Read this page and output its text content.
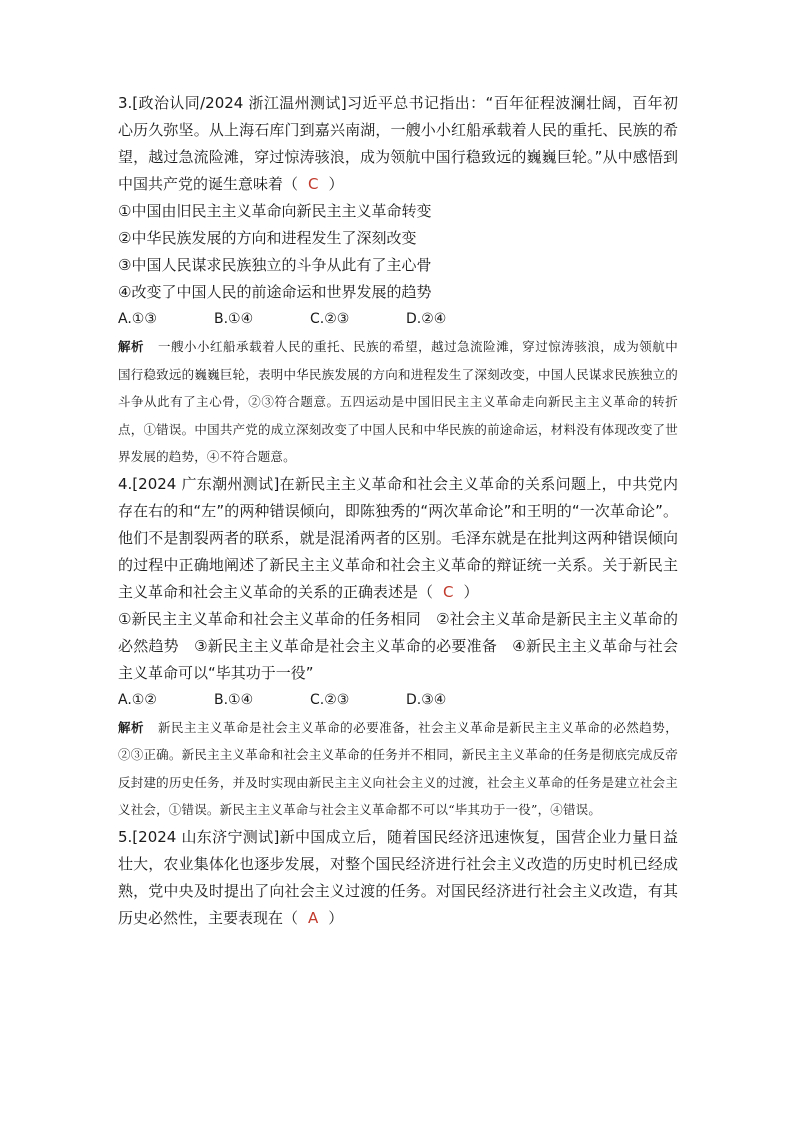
3.[政治认同/2024 浙江温州测试]习近平总书记指出：“百年征程波澜壮阔，百年初心历久弥坚。从上海石库门到嘉兴南湖，一艘小小红船承载着人民的重托、民族的希望，越过急流险滩，穿过惊涛骇浪，成为领航中国行稳致远的巍巍巨轮。”从中感悟到中国共产党的诞生意味着（ C ）

①中国由旧民主主义革命向新民主主义革命转变

②中华民族发展的方向和进程发生了深刻改变

③中国人民谋求民族独立的斗争从此有了主心骨

④改变了中国人民的前途命运和世界发展的趋势

A.①③	B.①④	C.②③	D.②④

解析 一艘小小红船承载着人民的重托、民族的希望，越过急流险滩，穿过惊涛骇浪，成为领航中国行稳致远的巍巍巨轮，表明中华民族发展的方向和进程发生了深刻改变，中国人民谋求民族独立的斗争从此有了主心骨，②③符合题意。五四运动是中国旧民主主义革命走向新民主主义革命的转折点，①错误。中国共产党的成立深刻改变了中国人民和中华民族的前途命运，材料没有体现改变了世界发展的趋势，④不符合题意。

4.[2024 广东潮州测试]在新民主主义革命和社会主义革命的关系问题上，中共党内存在右的和“左”的两种错误倾向，即陈独秀的“两次革命论”和王明的“一次革命论”。他们不是割裂两者的联系，就是混淆两者的区别。毛泽东就是在批判这两种错误倾向的过程中正确地阐述了新民主主义革命和社会主义革命的辩证统一关系。关于新民主主义革命和社会主义革命的关系的正确表述是（ C ）

①新民主主义革命和社会主义革命的任务相同　②社会主义革命是新民主主义革命的必然趋势　③新民主主义革命是社会主义革命的必要准备　④新民主主义革命与社会主义革命可以“毕其功于一役”

A.①②	B.①④	C.②③	D.③④

解析 新民主主义革命是社会主义革命的必要准备，社会主义革命是新民主主义革命的必然趋势，②③正确。新民主主义革命和社会主义革命的任务并不相同，新民主主义革命的任务是彻底完成反帝反封建的历史任务，并及时实现由新民主主义向社会主义的过渡，社会主义革命的任务是建立社会主义社会，①错误。新民主主义革命与社会主义革命都不可以“毕其功于一役”，④错误。

5.[2024 山东济宁测试]新中国成立后，随着国民经济迅速恢复，国营企业力量日益壮大，农业集体化也逐步发展，对整个国民经济进行社会主义改造的历史时机已经成熟，党中央及时提出了向社会主义过渡的任务。对国民经济进行社会主义改造，有其历史必然性，主要表现在（ A ）
